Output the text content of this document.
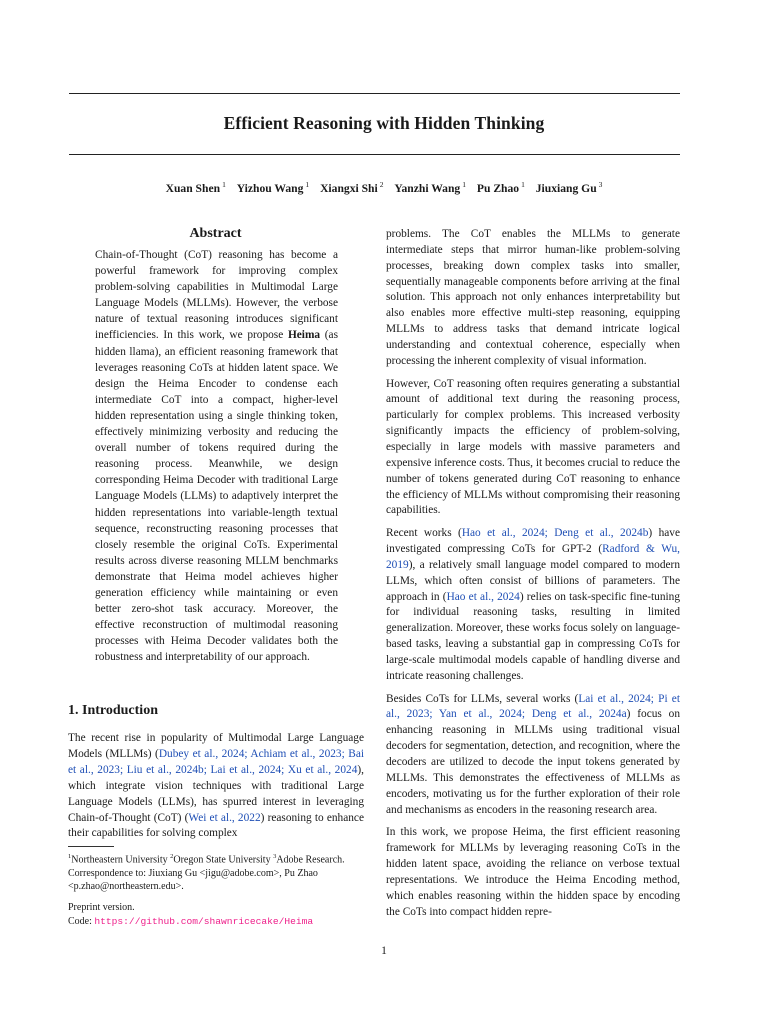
Efficient Reasoning with Hidden Thinking
Xuan Shen $^1$ Yizhou Wang $^1$ Xiangxi Shi $^2$ Yanzhi Wang $^1$ Pu Zhao $^1$ Jiuxiang Gu $^3$
Abstract
Chain-of-Thought (CoT) reasoning has become a powerful framework for improving complex problem-solving capabilities in Multimodal Large Language Models (MLLMs). However, the verbose nature of textual reasoning introduces significant inefficiencies. In this work, we propose Heima (as hidden llama), an efficient reasoning framework that leverages reasoning CoTs at hidden latent space. We design the Heima Encoder to condense each intermediate CoT into a compact, higher-level hidden representation using a single thinking token, effectively minimizing verbosity and reducing the overall number of tokens required during the reasoning process. Meanwhile, we design corresponding Heima Decoder with traditional Large Language Models (LLMs) to adaptively interpret the hidden representations into variable-length textual sequence, reconstructing reasoning processes that closely resemble the original CoTs. Experimental results across diverse reasoning MLLM benchmarks demonstrate that Heima model achieves higher generation efficiency while maintaining or even better zero-shot task accuracy. Moreover, the effective reconstruction of multimodal reasoning processes with Heima Decoder validates both the robustness and interpretability of our approach.
1. Introduction
The recent rise in popularity of Multimodal Large Language Models (MLLMs) (Dubey et al., 2024; Achiam et al., 2023; Bai et al., 2023; Liu et al., 2024b; Lai et al., 2024; Xu et al., 2024), which integrate vision techniques with traditional Large Language Models (LLMs), has spurred interest in leveraging Chain-of-Thought (CoT) (Wei et al., 2022) reasoning to enhance their capabilities for solving complex
$^1$Northeastern University $^2$Oregon State University $^3$Adobe Research. Correspondence to: Jiuxiang Gu <jigu@adobe.com>, Pu Zhao <p.zhao@northeastern.edu>.
Preprint version.
Code: https://github.com/shawnricecake/Heima

problems. The CoT enables the MLLMs to generate intermediate steps that mirror human-like problem-solving processes, breaking down complex tasks into smaller, sequentially manageable components before arriving at the final solution. This approach not only enhances interpretability but also enables more effective multi-step reasoning, equipping MLLMs to address tasks that demand intricate logical understanding and contextual coherence, especially when processing the inherent complexity of visual information.

However, CoT reasoning often requires generating a substantial amount of additional text during the reasoning process, particularly for complex problems. This increased verbosity significantly impacts the efficiency of problem-solving, especially in large models with massive parameters and expensive inference costs. Thus, it becomes crucial to reduce the number of tokens generated during CoT reasoning to enhance the efficiency of MLLMs without compromising their reasoning capabilities.

Recent works (Hao et al., 2024; Deng et al., 2024b) have investigated compressing CoTs for GPT-2 (Radford & Wu, 2019), a relatively small language model compared to modern LLMs, which often consist of billions of parameters. The approach in (Hao et al., 2024) relies on task-specific fine-tuning for individual reasoning tasks, resulting in limited generalization. Moreover, these works focus solely on language-based tasks, leaving a substantial gap in compressing CoTs for large-scale multimodal models capable of handling diverse and intricate reasoning challenges.

Besides CoTs for LLMs, several works (Lai et al., 2024; Pi et al., 2023; Yan et al., 2024; Deng et al., 2024a) focus on enhancing reasoning in MLLMs using traditional visual decoders for segmentation, detection, and recognition, where the decoders are utilized to decode the input tokens generated by MLLMs. This demonstrates the effectiveness of MLLMs as encoders, motivating us for the further exploration of their role and mechanisms as encoders in the reasoning research area.

In this work, we propose Heima, the first efficient reasoning framework for MLLMs by leveraging reasoning CoTs in the hidden latent space, avoiding the reliance on verbose textual representations. We introduce the Heima Encoding method, which enables reasoning within the hidden space by encoding the CoTs into compact hidden repre-

1
